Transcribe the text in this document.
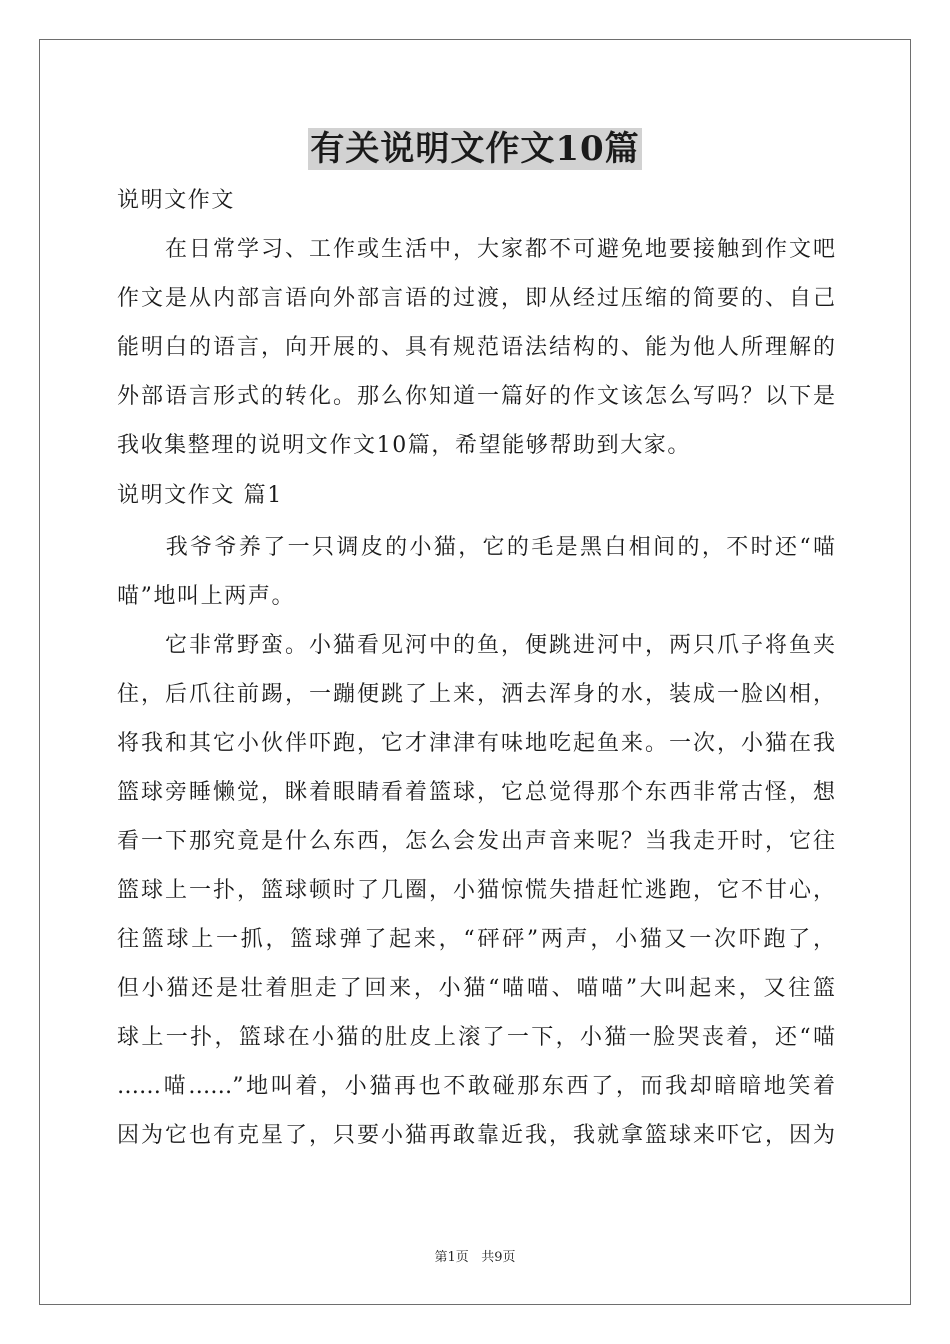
有关说明文作文10篇
说明文作文
　　在日常学习、工作或生活中，大家都不可避免地要接触到作文吧
作文是从内部言语向外部言语的过渡，即从经过压缩的简要的、自己
能明白的语言，向开展的、具有规范语法结构的、能为他人所理解的
外部语言形式的转化。那么你知道一篇好的作文该怎么写吗？以下是
我收集整理的说明文作文10篇，希望能够帮助到大家。
说明文作文 篇1
　　我爷爷养了一只调皮的小猫，它的毛是黑白相间的，不时还“喵
喵”地叫上两声。
　　它非常野蛮。小猫看见河中的鱼，便跳进河中，两只爪子将鱼夹
住，后爪往前踢，一蹦便跳了上来，洒去浑身的水，装成一脸凶相，
将我和其它小伙伴吓跑，它才津津有味地吃起鱼来。一次，小猫在我
篮球旁睡懒觉，眯着眼睛看着篮球，它总觉得那个东西非常古怪，想
看一下那究竟是什么东西，怎么会发出声音来呢？当我走开时，它往
篮球上一扑，篮球顿时了几圈，小猫惊慌失措赶忙逃跑，它不甘心，
往篮球上一抓，篮球弹了起来，“砰砰”两声，小猫又一次吓跑了，
但小猫还是壮着胆走了回来，小猫“喵喵、喵喵”大叫起来，又往篮
球上一扑，篮球在小猫的肚皮上滚了一下，小猫一脸哭丧着，还“喵
……喵……”地叫着，小猫再也不敢碰那东西了，而我却暗暗地笑着
因为它也有克星了，只要小猫再敢靠近我，我就拿篮球来吓它，因为
第1页 共9页
